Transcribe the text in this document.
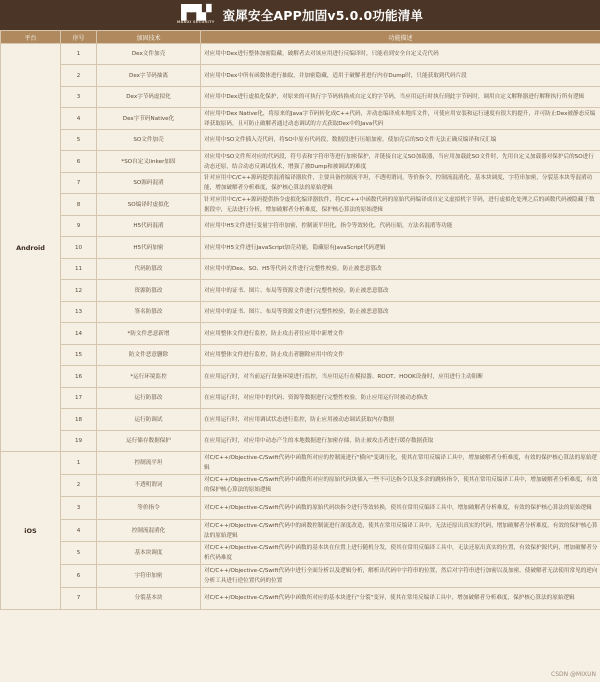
▛▜▞
MANXI SECURITY 蛮犀安全APP加固v5.0.0功能清单
平台	序号	加固技术	功能描述
Android	1	Dex文件加壳	对应用中Dex进行整体加密隐藏，破解者去对该应用进行反编译时，只能看到安全自定义壳代码
	2	Dex字节码抽离	对应用中Dex中所有函数体进行抽取，并加密隐藏，适用于破解者进行内存Dump时，只能获取到代码片段
	3	Dex字节码虚拟化	对应用中Dex进行虚拟化保护，对原来的可执行字节码转换成自定义的字节码，当应用运行时执行到此字节码时，调用自定义解释器进行解释执行所有逻辑
	4	Dex字节码Native化	对应用中Dex Native化，将原来的Java字节码转化成C++代码，并动态编译成本地库文件，可使应用安装和运行速度有很大的提升，并可防止Dex被静态反编译获取原码，且可防止破解者通过动态调试的方式获取Dex中的Java代码
	5	SO文件加壳	对应用中SO文件插入壳代码，将SO中原有代码段，数据段进行压缩加密，使加壳后的SO文件无法正确反编译和反汇编
	6	*SO自定义linker加固	对应用中SO文件所对应的代码段，符号表和字符串等进行加密保护，并链接自定义SO加载器，当应用加载此SO文件时，先用自定义加载器对保护后的SO进行动态还原，结合动态反调试技术，增强了被Dump和被调试的难度
	7	SO源码混淆	针对应用中C/C++源码提供混淆编译器软件，主要具备控制流平坦，不透明谓词，等价指令，控制流混淆化，基本块调度，字符串加密，分裂基本块等混淆功能，增加破解者分析难度，保护核心算法的原始逻辑
	8	SO编译时虚拟化	针对应用中C/C++源码提供指令虚拟化编译器软件，将C/C++中函数代码的原始代码编译成自定义虚拟机字节码，进行虚拟化处理之后的函数代码被隐藏于数据段中，无法进行分析，增加破解者分析难度，保护核心算法的原始逻辑
	9	H5代码混淆	对应用中H5文件进行变量字符串加密，控制流平坦化，指令等效转化，代码压缩，方法名混淆等功能
	10	H5代码加密	对应用中H5文件进行JavaScript加壳功能，隐藏原有JavaScript代码逻辑
	11	代码防篡改	对应用中的Dex、SO、H5等代码文件进行完整性校验，防止被恶意篡改
	12	资源防篡改	对应用中的证书、图片、布局等资源文件进行完整性校验，防止被恶意篡改
	13	签名防篡改	对应用中的证书、图片、布局等资源文件进行完整性校验，防止被恶意篡改
	14	*防文件恶意新增	对应用整体文件进行监控，防止攻击者往应用中新增文件
	15	防文件恶意删除	对应用整体文件进行监控，防止攻击者删除应用中的文件
	16	*运行环境监控	在应用运行时，对当前运行设备环境进行监控，当应用运行在模拟器、ROOT、HOOK设备时，应用进行主动阻断
	17	运行防篡改	在应用运行时，对应用中的代码、资源等数据进行完整性校验，防止应用运行时被动态修改
	18	运行防调试	在应用运行时，对应用调试状态进行监控，防止应用被动态调试获取内存数据
	19	运行储存数据保护	在应用运行时，对应用中动态产生的本地数据进行加密存储，防止被攻击者进行缓存数据获取
iOS	1	控制流平坦	对C/C++/Objective-C/Swift代码中函数所对应的控制流进行"横向"变调压化，使其在常用反编译工具中，增加破解者分析难度，有效的保护核心算法的原始逻辑
	2	不透明谓词	对C/C++/Objective-C/Swift代码中函数所对应的原始代码块插入一些不可达指令以及多余的跳转指令，使其在常用反编译工具中，增加破解者分析难度，有效的保护核心算法的原始逻辑
	3	等价指令	对C/C++/Objective-C/Swift代码中函数的原始代码块指令进行等效转换，使其在常用反编译工具中，增加破解者分析难度，有效的保护核心算法的原始逻辑
	4	控制流混淆化	对C/C++/Objective-C/Swift代码中的函数控制流进行深度改造，使其在常用反编译工具中，无法还原出真实的代码，增加破解者分析难度，有效的保护核心算法的原始逻辑
	5	基本块调度	对C/C++/Objective-C/Swift代码中函数的基本块在位置上进行随机分发，使其在常用反编译工具中，无法还原出真实的位置，有效保护源代码，增加破解者分析代码难度
	6	字符串加密	对C/C++/Objective-C/Swift代码中进行全面分析以及逻辑分析，解析出代码中字符串的位置，然后对字符串进行加密以及加密，使破解者无法使用常见的逆向分析工具进行逆位置代码的位置
	7	分裂基本块	对C/C++/Objective-C/Swift代码中函数所对应的基本块进行"分裂"变异，使其在常用反编译工具中，增加破解者分析难度，保护核心算法的原始逻辑
CSDN @MIXUN
